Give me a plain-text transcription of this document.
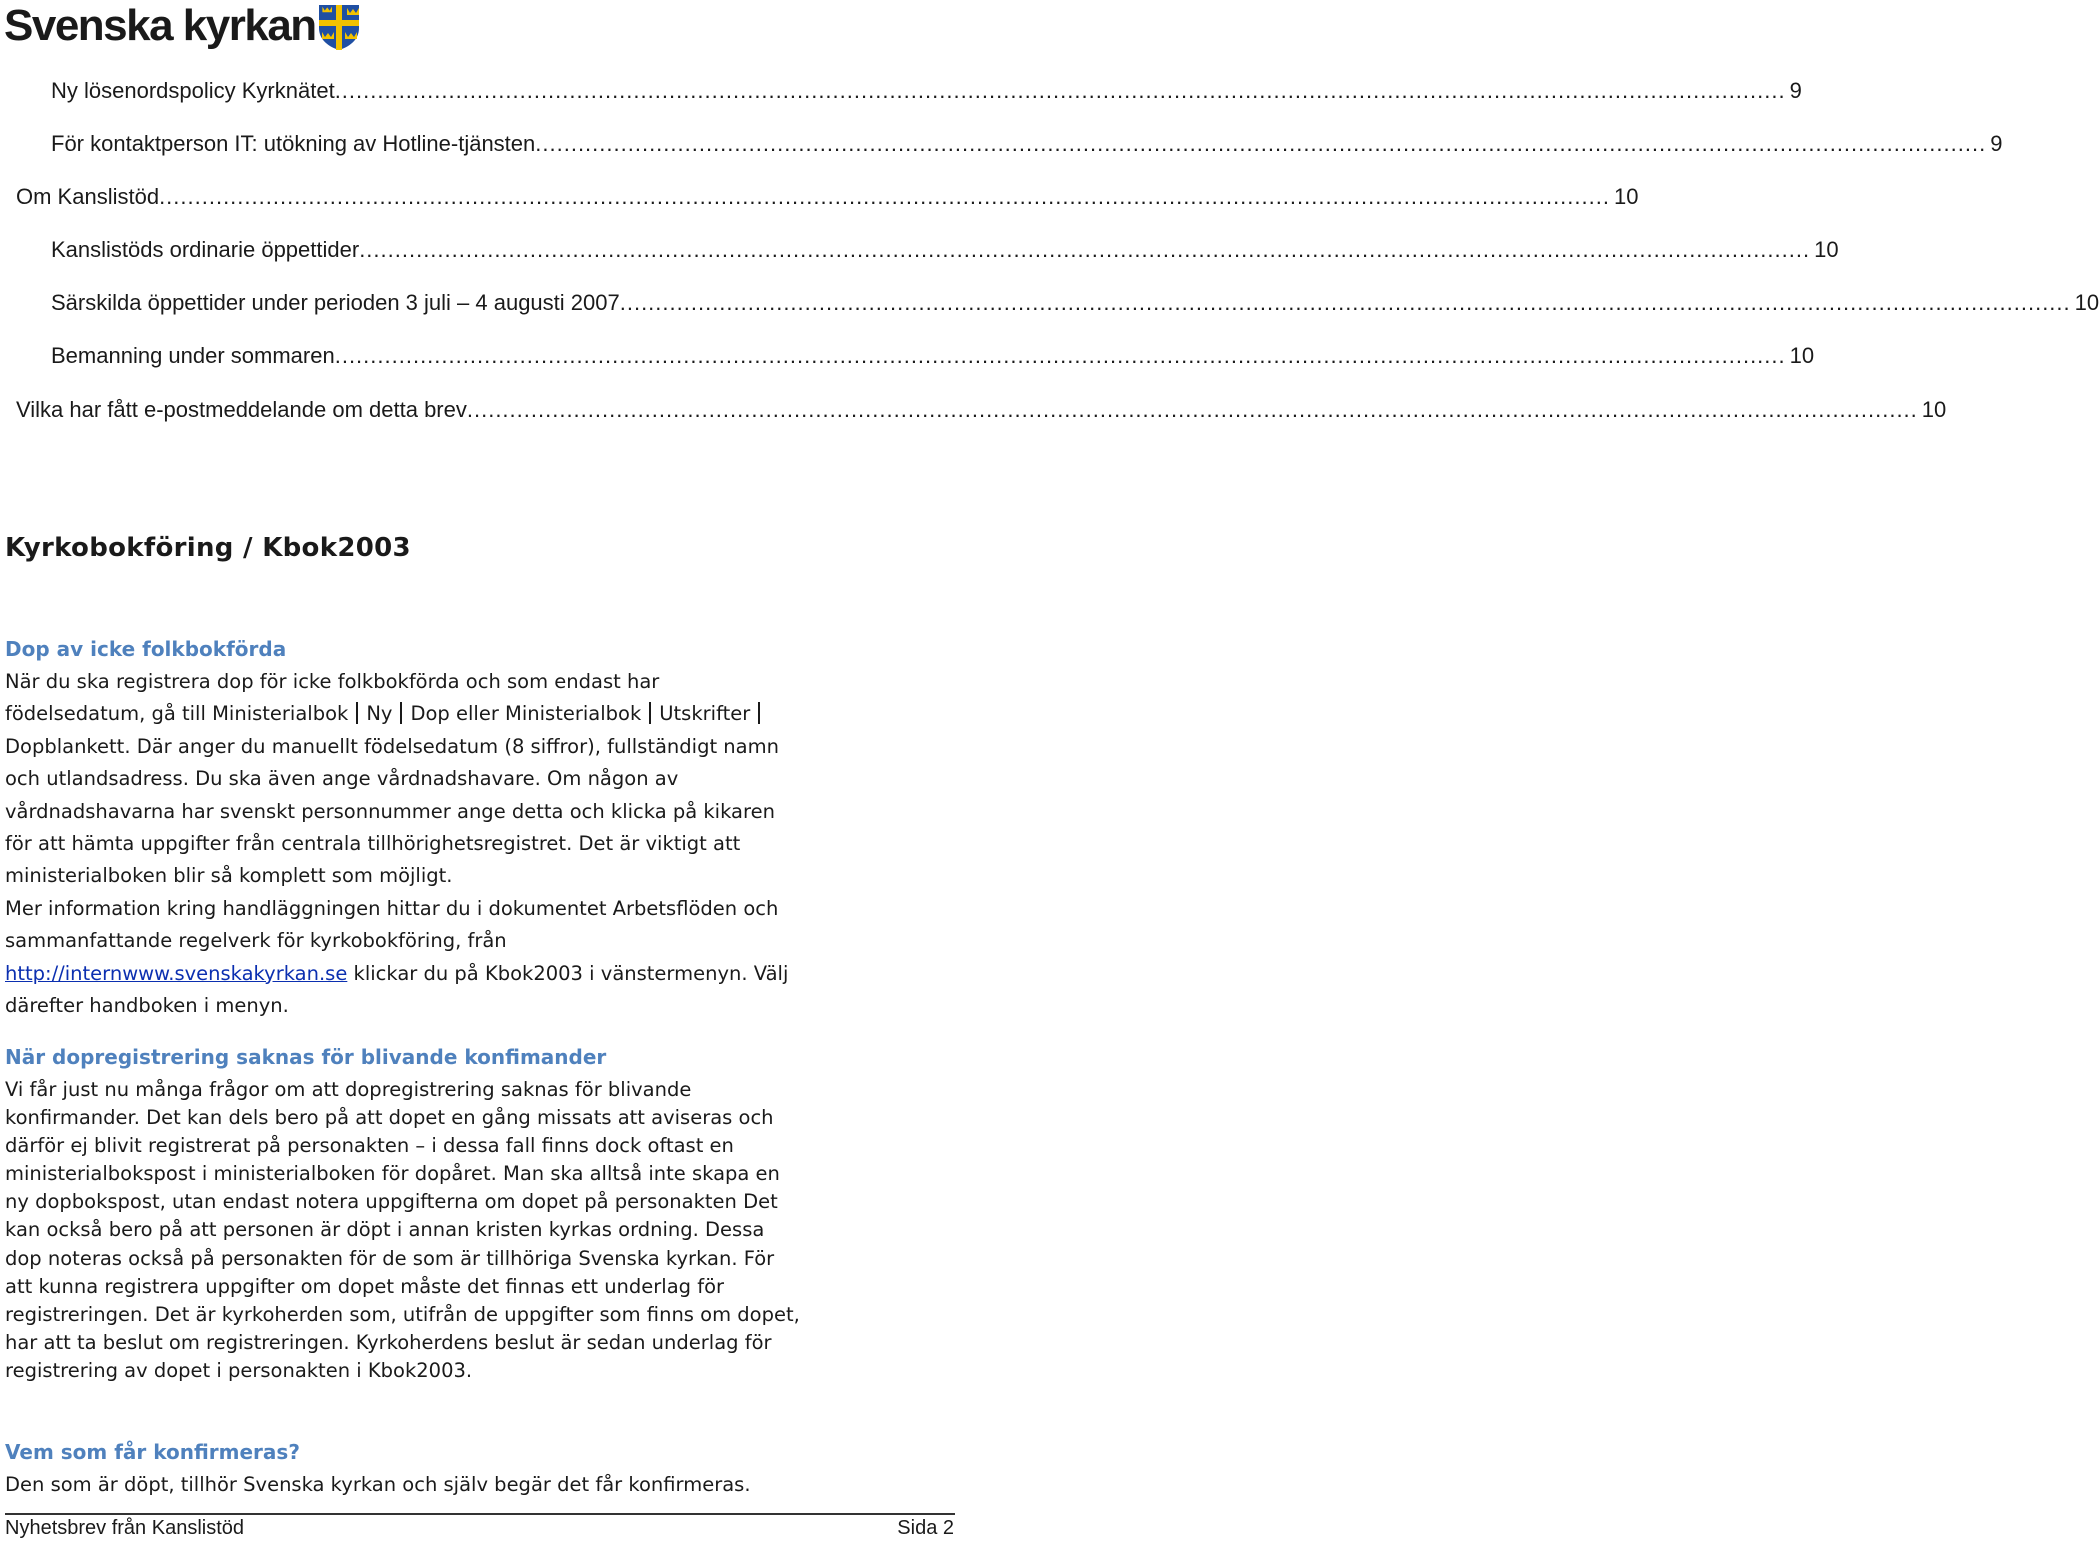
Svenska kyrkan
Ny lösenordspolicy Kyrknätet ............................................................................................................................................................................................................ 9
För kontaktperson IT: utökning av Hotline-tjänsten ............................................................................................................................................................................................................ 9
Om Kanslistöd ............................................................................................................................................................................................................ 10
Kanslistöds ordinarie öppettider ............................................................................................................................................................................................................ 10
Särskilda öppettider under perioden 3 juli – 4 augusti 2007 ............................................................................................................................................................................................................ 10
Bemanning under sommaren ............................................................................................................................................................................................................ 10
Vilka har fått e-postmeddelande om detta brev ............................................................................................................................................................................................................ 10
Kyrkobokföring / Kbok2003
Dop av icke folkbokförda
När du ska registrera dop för icke folkbokförda och som endast har
födelsedatum, gå till Ministerialbok Ny Dop eller Ministerialbok Utskrifter
Dopblankett. Där anger du manuellt födelsedatum (8 siffror), fullständigt namn
och utlandsadress. Du ska även ange vårdnadshavare. Om någon av
vårdnadshavarna har svenskt personnummer ange detta och klicka på kikaren
för att hämta uppgifter från centrala tillhörighetsregistret. Det är viktigt att
ministerialboken blir så komplett som möjligt.
Mer information kring handläggningen hittar du i dokumentet Arbetsflöden och
sammanfattande regelverk för kyrkobokföring, från
http://internwww.svenskakyrkan.se klickar du på Kbok2003 i vänstermenyn. Välj
därefter handboken i menyn.
När dopregistrering saknas för blivande konfimander
Vi får just nu många frågor om att dopregistrering saknas för blivande
konfirmander. Det kan dels bero på att dopet en gång missats att aviseras och
därför ej blivit registrerat på personakten – i dessa fall finns dock oftast en
ministerialbokspost i ministerialboken för dopåret. Man ska alltså inte skapa en
ny dopbokspost, utan endast notera uppgifterna om dopet på personakten Det
kan också bero på att personen är döpt i annan kristen kyrkas ordning. Dessa
dop noteras också på personakten för de som är tillhöriga Svenska kyrkan. För
att kunna registrera uppgifter om dopet måste det finnas ett underlag för
registreringen. Det är kyrkoherden som, utifrån de uppgifter som finns om dopet,
har att ta beslut om registreringen. Kyrkoherdens beslut är sedan underlag för
registrering av dopet i personakten i Kbok2003.
Vem som får konfirmeras?
Den som är döpt, tillhör Svenska kyrkan och själv begär det får konfirmeras.
Nyhetsbrev från Kanslistöd	Sida 2
